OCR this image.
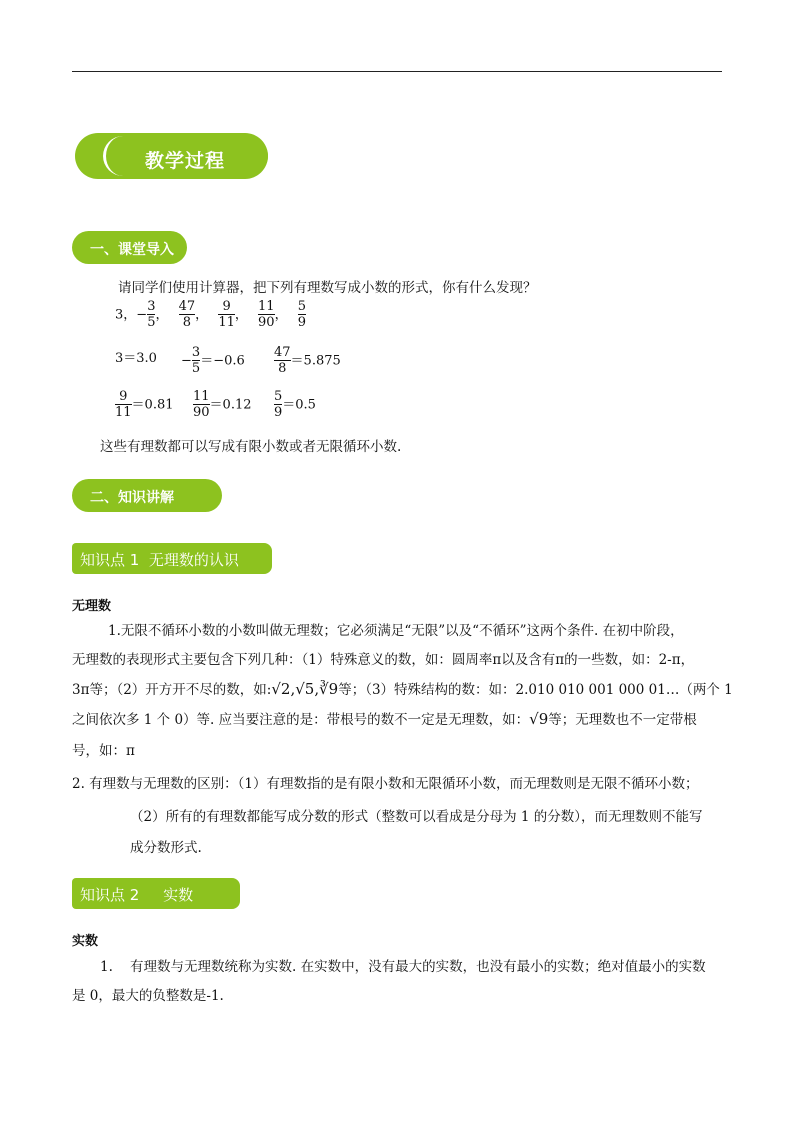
教学过程
一、课堂导入
请同学们使用计算器，把下列有理数写成小数的形式，你有什么发现？
3，− $\frac{3}{5}$ ， $\frac{47}{8}$ ， $\frac{9}{11}$ ， $\frac{11}{90}$ ， $\frac{5}{9}$
$3=3.0 - \frac{3}{5} =-0.6 \frac{47}{8} =5.875$
$\frac{9}{11} =0.81 \frac{11}{90} =0.12 \frac{5}{9} =0.5$
这些有理数都可以写成有限小数或者无限循环小数.
二、知识讲解
知识点 1  无理数的认识
无理数
1.无限不循环小数的小数叫做无理数；它必须满足“无限”以及“不循环”这两个条件. 在初中阶段，
无理数的表现形式主要包含下列几种：（1）特殊意义的数，如：圆周率π以及含有π的一些数，如：2-π，
3π等；（2）开方开不尽的数，如:√2,√5,∛9等；（3）特殊结构的数：如：2.010 010 001 000 01…（两个 1
之间依次多 1 个 0）等. 应当要注意的是：带根号的数不一定是无理数，如：√9等；无理数也不一定带根
号，如：π
2. 有理数与无理数的区别：（1）有理数指的是有限小数和无限循环小数，而无理数则是无限不循环小数；
（2）所有的有理数都能写成分数的形式（整数可以看成是分母为 1 的分数），而无理数则不能写
成分数形式.
知识点 2     实数
实数
1.    有理数与无理数统称为实数. 在实数中，没有最大的实数，也没有最小的实数；绝对值最小的实数
是 0，最大的负整数是-1.
